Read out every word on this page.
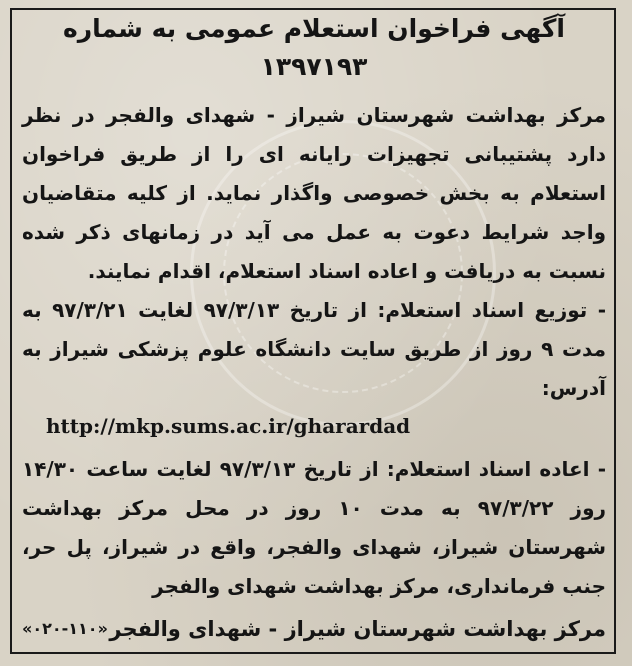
آگهی فراخوان استعلام عمومی به شماره ۱۳۹۷۱۹۳

مرکز بهداشت شهرستان شیراز - شهدای والفجر در نظر دارد پشتیبانی تجهیزات رایانه ای را از طریق فراخوان استعلام به بخش خصوصی واگذار نماید. از کلیه متقاضیان واجد شرایط دعوت به عمل می آید در زمانهای ذکر شده نسبت به دریافت و اعاده اسناد استعلام، اقدام نمایند.

- توزیع اسناد استعلام: از تاریخ ۹۷/۳/۱۳ لغایت ۹۷/۳/۲۱ به مدت ۹ روز از طریق سایت دانشگاه علوم پزشکی شیراز به آدرس:

http://mkp.sums.ac.ir/gharardad

- اعاده اسناد استعلام: از تاریخ ۹۷/۳/۱۳ لغایت ساعت ۱۴/۳۰ روز ۹۷/۳/۲۲ به مدت ۱۰ روز در محل مرکز بهداشت شهرستان شیراز، شهدای والفجر، واقع در شیراز، پل حر، جنب فرمانداری، مرکز بهداشت شهدای والفجر

مرکز بهداشت شهرستان شیراز - شهدای والفجر
«۰۲۰-۱۱۰»
